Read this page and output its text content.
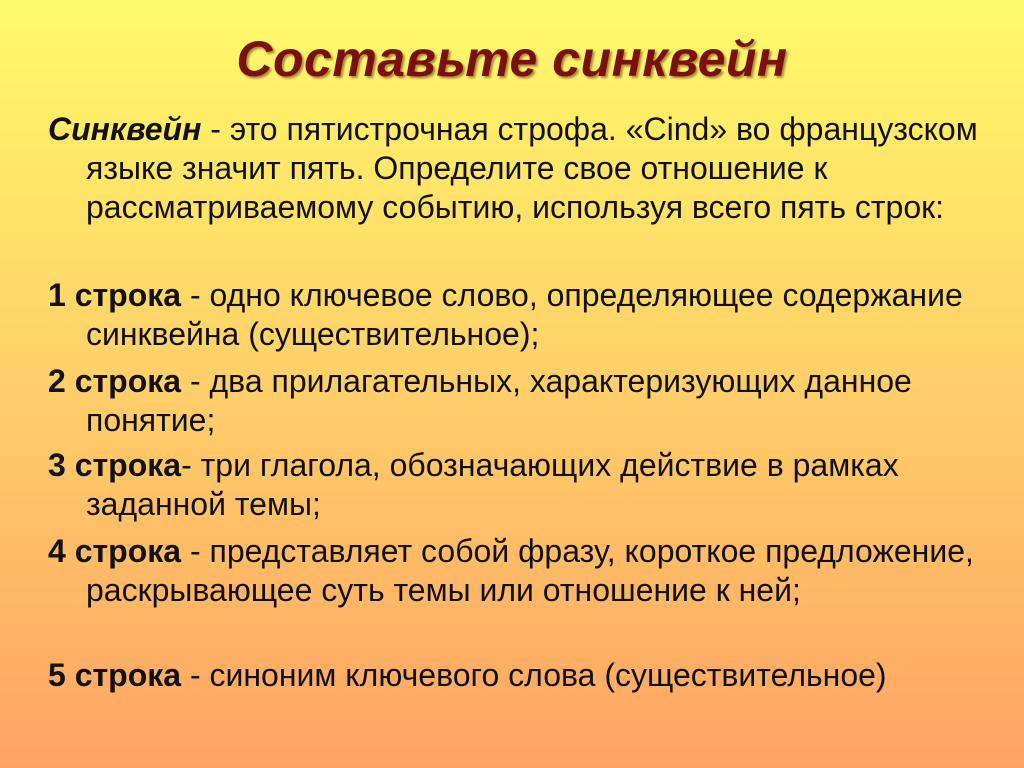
Составьте синквейн
Синквейн - это пятистрочная строфа. «Cind» во французском языке значит пять. Определите свое отношение к рассматриваемому событию, используя всего пять строк:
1 строка - одно ключевое слово, определяющее содержание синквейна (существительное);
2 строка - два прилагательных, характеризующих данное понятие;
3 строка- три глагола, обозначающих действие в рамках заданной темы;
4 строка - представляет собой фразу, короткое предложение, раскрывающее суть темы или отношение к ней;
5 строка - синоним ключевого слова (существительное)
